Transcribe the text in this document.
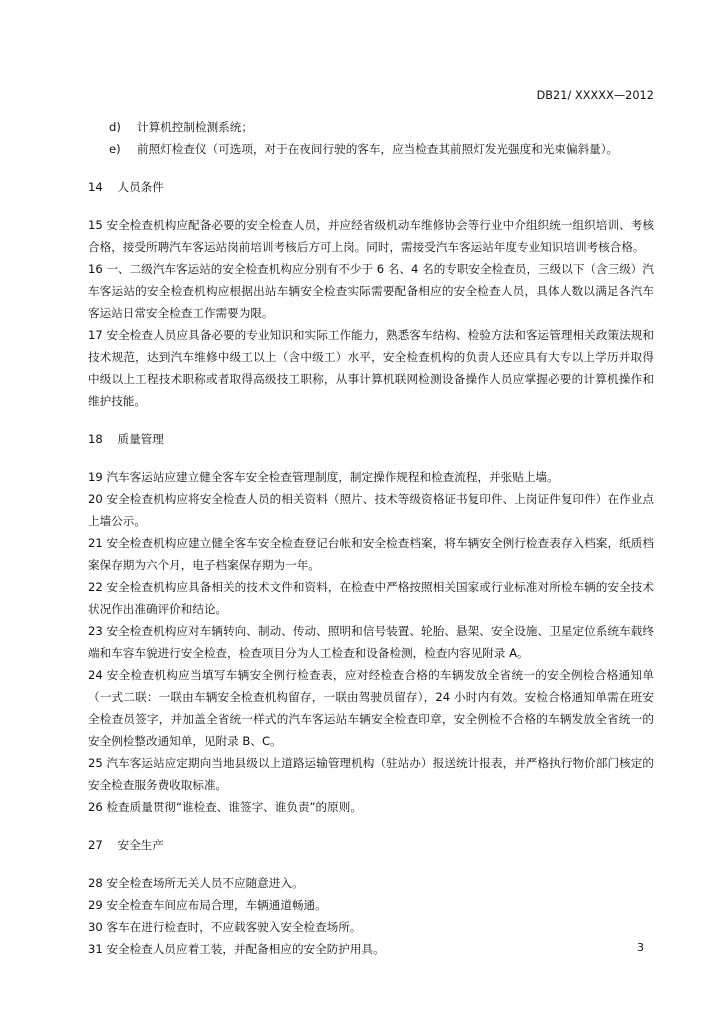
DB21/ XXXXX—2012
d) 计算机控制检测系统；
e) 前照灯检查仪（可选项，对于在夜间行驶的客车，应当检查其前照灯发光强度和光束偏斜量）。
14    人员条件
15 安全检查机构应配备必要的安全检查人员，并应经省级机动车维修协会等行业中介组织统一组织培训、考核合格，接受所聘汽车客运站岗前培训考核后方可上岗。同时，需接受汽车客运站年度专业知识培训考核合格。
16 一、二级汽车客运站的安全检查机构应分别有不少于 6 名、4 名的专职安全检查员，三级以下（含三级）汽车客运站的安全检查机构应根据出站车辆安全检查实际需要配备相应的安全检查人员，具体人数以满足各汽车客运站日常安全检查工作需要为限。
17 安全检查人员应具备必要的专业知识和实际工作能力，熟悉客车结构、检验方法和客运管理相关政策法规和技术规范，达到汽车维修中级工以上（含中级工）水平，安全检查机构的负责人还应具有大专以上学历并取得中级以上工程技术职称或者取得高级技工职称，从事计算机联网检测设备操作人员应掌握必要的计算机操作和维护技能。
18    质量管理
19 汽车客运站应建立健全客车安全检查管理制度，制定操作规程和检查流程，并张贴上墙。
20 安全检查机构应将安全检查人员的相关资料（照片、技术等级资格证书复印件、上岗证件复印件）在作业点上墙公示。
21 安全检查机构应建立健全客车安全检查登记台帐和安全检查档案，将车辆安全例行检查表存入档案，纸质档案保存期为六个月，电子档案保存期为一年。
22 安全检查机构应具备相关的技术文件和资料，在检查中严格按照相关国家或行业标准对所检车辆的安全技术状况作出准确评价和结论。
23 安全检查机构应对车辆转向、制动、传动、照明和信号装置、轮胎、悬架、安全设施、卫星定位系统车载终端和车容车貌进行安全检查，检查项目分为人工检查和设备检测，检查内容见附录 A。
24 安全检查机构应当填写车辆安全例行检查表，应对经检查合格的车辆发放全省统一的安全例检合格通知单（一式二联：一联由车辆安全检查机构留存，一联由驾驶员留存），24 小时内有效。安检合格通知单需在班安全检查员签字，并加盖全省统一样式的汽车客运站车辆安全检查印章，安全例检不合格的车辆发放全省统一的安全例检整改通知单，见附录 B、C。
25 汽车客运站应定期向当地县级以上道路运输管理机构（驻站办）报送统计报表，并严格执行物价部门核定的安全检查服务费收取标准。
26 检查质量贯彻“谁检查、谁签字、谁负责”的原则。
27    安全生产
28 安全检查场所无关人员不应随意进入。
29 安全检查车间应布局合理，车辆通道畅通。
30 客车在进行检查时，不应载客驶入安全检查场所。
31 安全检查人员应着工装，并配备相应的安全防护用具。	3
